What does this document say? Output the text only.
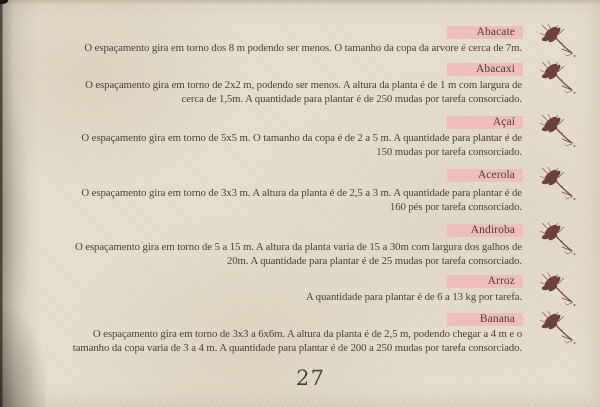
Abacate
O espaçamento gira em torno dos 8 m podendo ser menos. O tamanho da copa da arvore é cerca de 7m.
Abacaxi
O espaçamento gira em torno de 2x2 m, podendo ser menos. A altura da planta é de 1 m com largura de
cerca de 1,5m. A quantidade para plantar é de 250 mudas por tarefa consorciado.
Açaí
O espaçamento gira em torno de 5x5 m. O tamanho da copa é de 2 a 5 m. A quantidade para plantar é de
150 mudas por tarefa consorciado.
Acerola
O espaçamento gira em torno de 3x3 m. A altura da planta é de 2,5 a 3 m. A quantidade para plantar é de
160 pés por tarefa consorciado.
Andiroba
O espaçamento gira em torno de 5 a 15 m. A altura da planta varia de 15 a 30m com largura dos galhos de
20m. A quantidade para plantar é de 25 mudas por tarefa consorciado.
Arroz
A quantidade para plantar é de 6 a 13 kg por tarefa.
Banana
O espaçamento gira em torno de 3x3 a 6x6m. A altura da planta é de 2,5 m, podendo chegar a 4 m e o
tamanho da copa varia de 3 a 4 m. A quantidade para plantar é de 200 a 250 mudas por tarefa consorciado.
27
